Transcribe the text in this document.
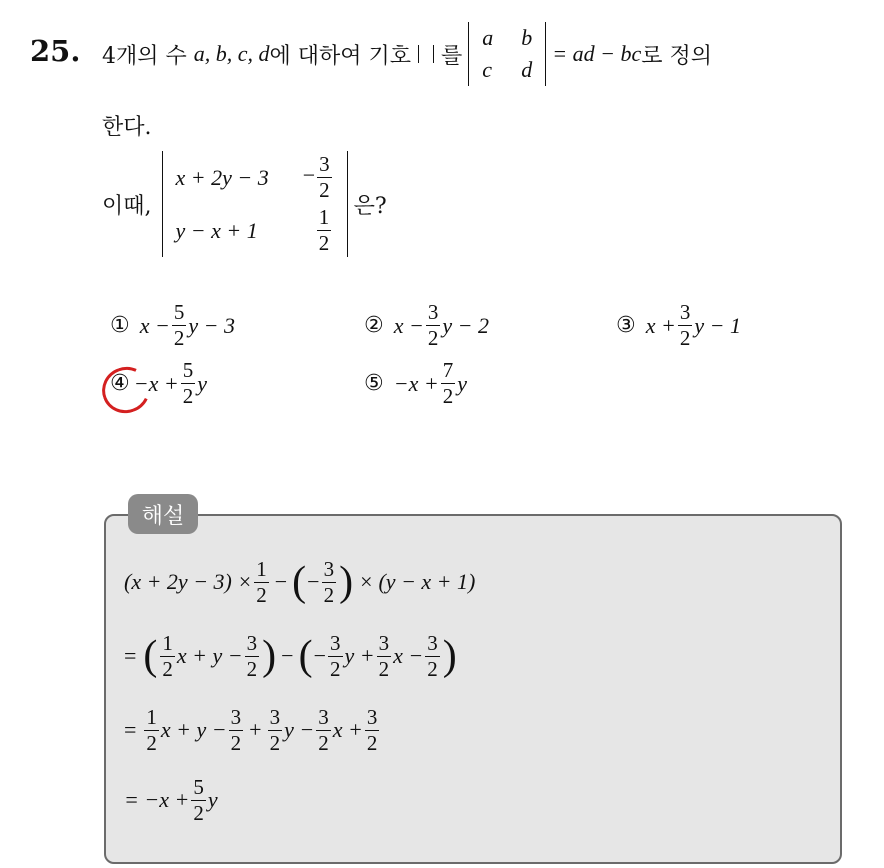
25. 4개의 수
a, b, c, d 에 대하여 기호 를
a	b
c	d
= ad − bc 로 정의
한다.
이때,
x + 2y − 3	− $\frac{3}{2}$

y − x + 1	$\frac{1}{2}$
은?
① $x - \frac{5}{2}$ y − 3	② $x - \frac{3}{2}$ y − 2	③ $x + \frac{3}{2}$ y − 1
④ $-x + \frac{5}{2}$ y	⑤ $-x + \frac{7}{2}$ y
해설
$(x + 2y - 3) \times \frac{1}{2}$ − ( − $\frac{3}{2}$ ) × (y − x + 1)
= ( $\frac{1}{2}$ $x + y - \frac{3}{2}$ ) − ( − $\frac{3}{2}$ $y + \frac{3}{2}$ $x - \frac{3}{2}$ )
= $\frac{1}{2}$ $x + y - \frac{3}{2} + \frac{3}{2}$ $y - \frac{3}{2}$ $x + \frac{3}{2}$
= $-x + \frac{5}{2}$ y
